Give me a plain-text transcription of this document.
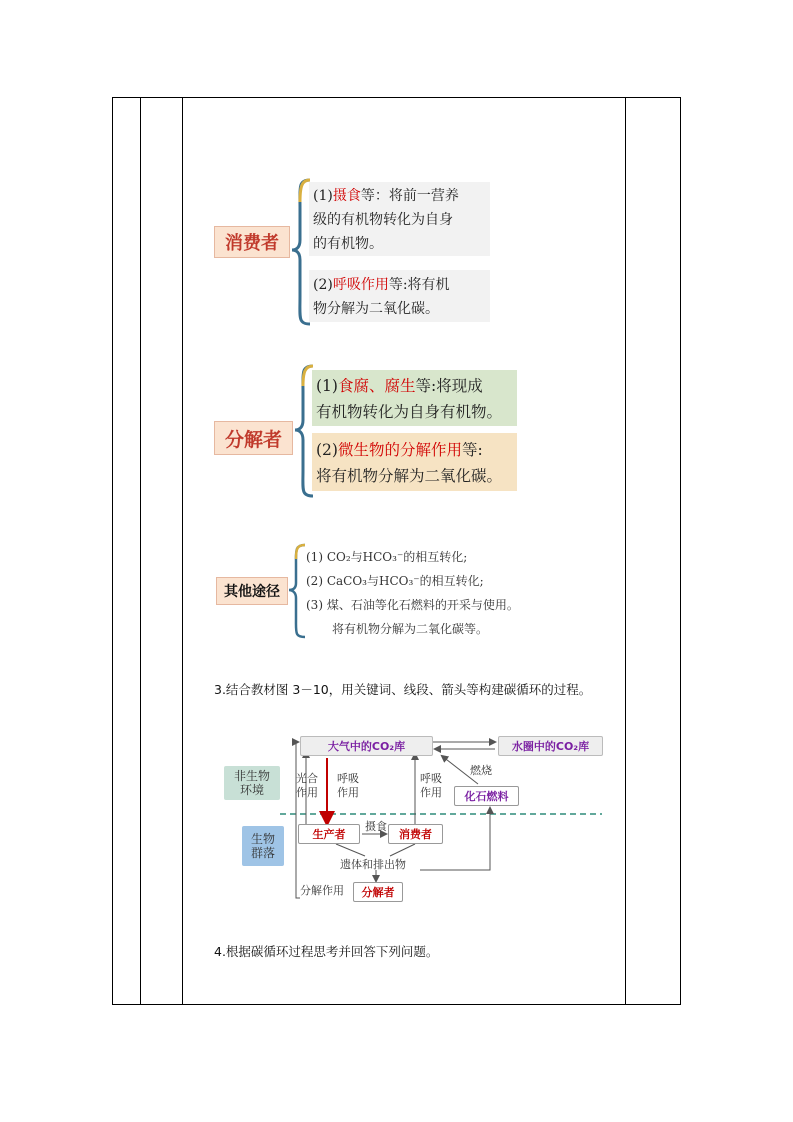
消费者
(1)摄食等：将前一营养
级的有机物转化为自身
的有机物。
(2)呼吸作用等:将有机
物分解为二氧化碳。
分解者
(1)食腐、腐生等:将现成
有机物转化为自身有机物。
(2)微生物的分解作用等:
将有机物分解为二氧化碳。
其他途径
(1) CO₂与HCO₃⁻的相互转化;
(2) CaCO₃与HCO₃⁻的相互转化;
(3) 煤、石油等化石燃料的开采与使用。
将有机物分解为二氧化碳等。
3.结合教材图 3－10，用关键词、线段、箭头等构建碳循环的过程。
大气中的CO₂库	水圈中的CO₂库
非生物
环境
生物
群落
光合
作用
呼吸
作用
呼吸
作用
燃烧
化石燃料
生产者
摄食
消费者
遗体和排出物
分解作用 分解者
4.根据碳循环过程思考并回答下列问题。
